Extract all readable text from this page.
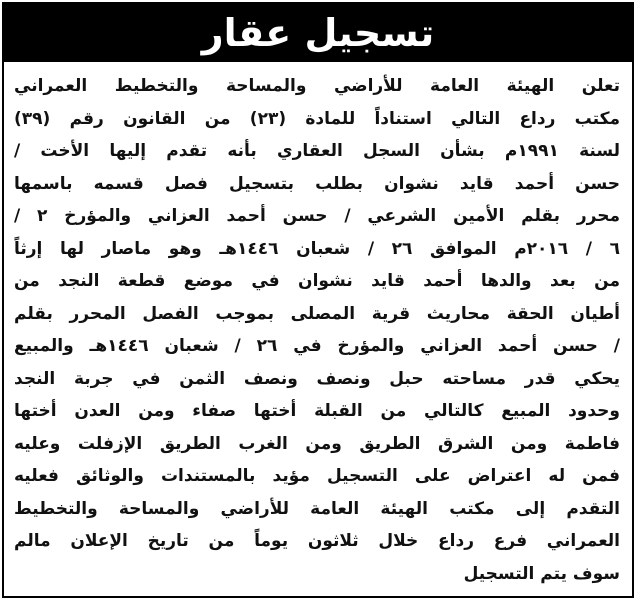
تسجيل عقار
تعلن الهيئة العامة للأراضي والمساحة والتخطيط العمراني
مكتب رداع التالي استناداً للمادة (٢٣) من القانون رقم (٣٩)
لسنة ١٩٩١م بشأن السجل العقاري بأنه تقدم إليها الأخت /
حسن أحمد قايد نشوان بطلب بتسجيل فصل قسمه باسمها
محرر بقلم الأمين الشرعي / حسن أحمد العزاني والمؤرخ ٢ /
٦ / ٢٠١٦م الموافق ٢٦ / شعبان ١٤٤٦هـ وهو ماصار لها إرثاً
من بعد والدها أحمد قايد نشوان في موضع قطعة النجد من
أطيان الحقة محاريث قرية المصلى بموجب الفصل المحرر بقلم
/ حسن أحمد العزاني والمؤرخ في ٢٦ / شعبان ١٤٤٦هـ والمبيع
يحكي قدر مساحته حبل ونصف ونصف الثمن في جربة النجد
وحدود المبيع كالتالي من القبلة أختها صفاء ومن العدن أختها
فاطمة ومن الشرق الطريق ومن الغرب الطريق الإزفلت وعليه
فمن له اعتراض على التسجيل مؤيد بالمستندات والوثائق فعليه
التقدم إلى مكتب الهيئة العامة للأراضي والمساحة والتخطيط
العمراني فرع رداع خلال ثلاثون يوماً من تاريخ الإعلان مالم
سوف يتم التسجيل
